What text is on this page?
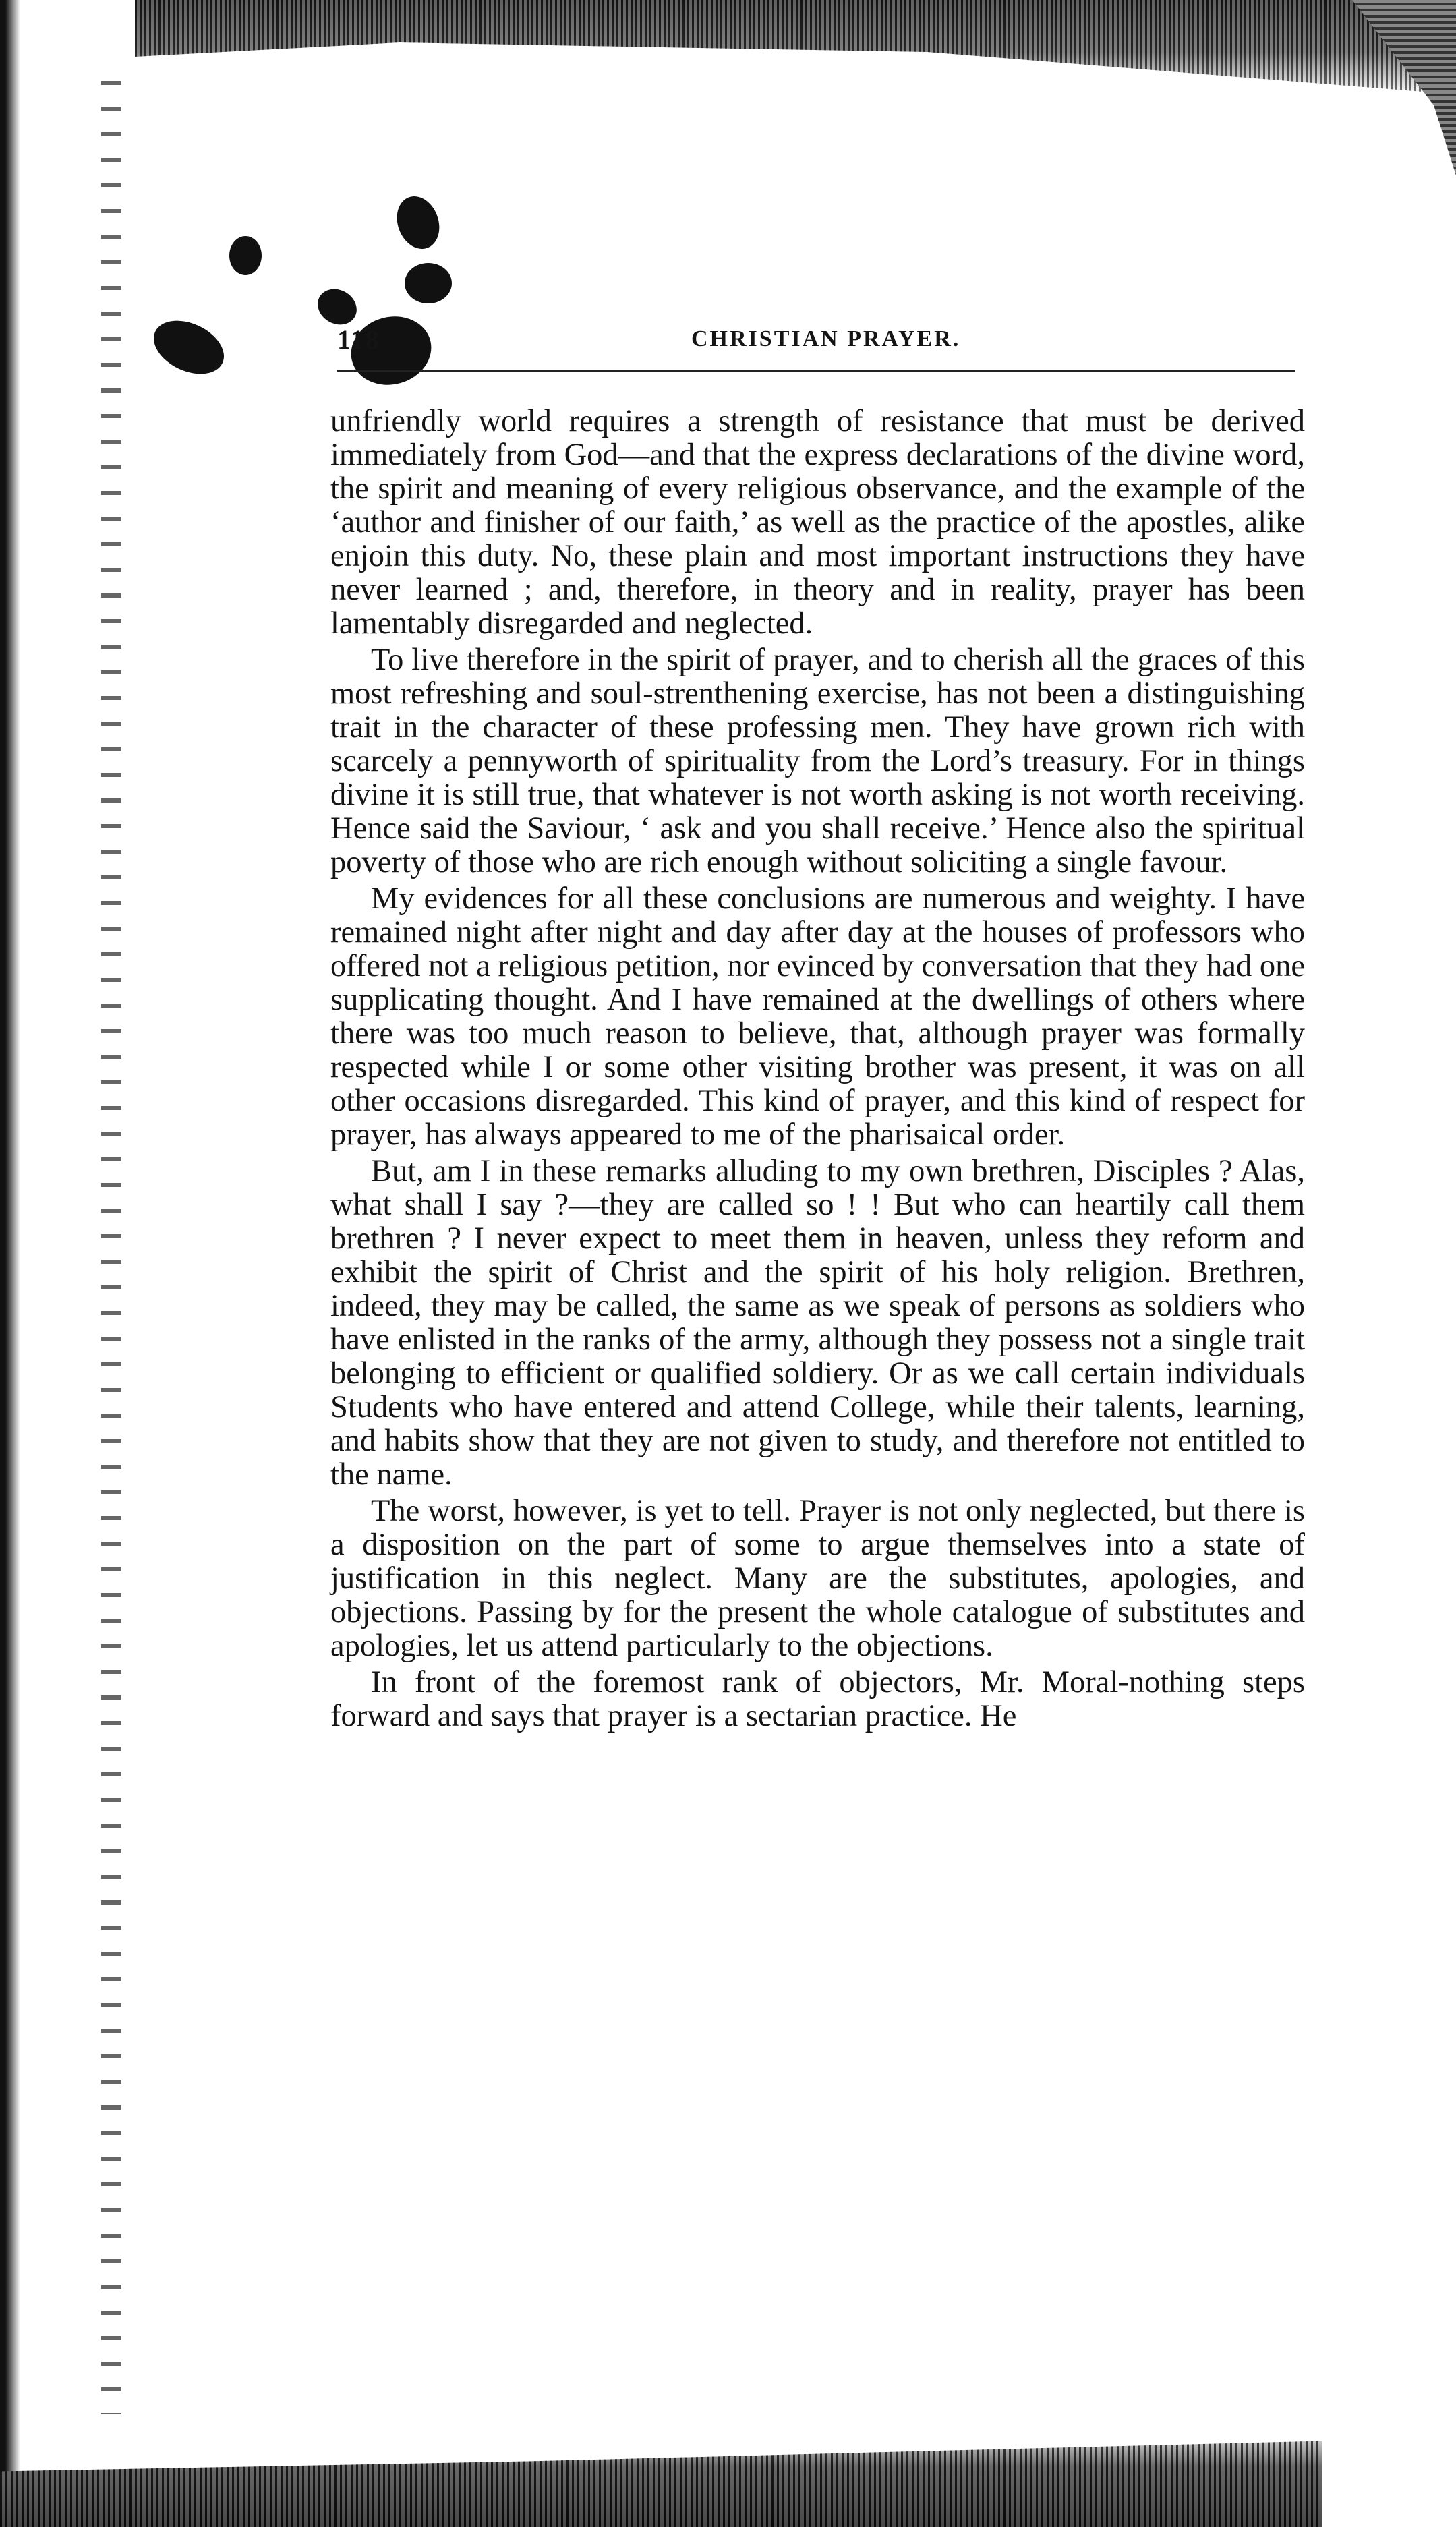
118	CHRISTIAN PRAYER.

unfriendly world requires a strength of resistance that must be derived immediately from God—and that the express declarations of the divine word, the spirit and meaning of every religious observance, and the example of the ‘author and finisher of our faith,’ as well as the practice of the apostles, alike enjoin this duty. No, these plain and most important instructions they have never learned ; and, therefore, in theory and in reality, prayer has been lamentably disregarded and neglected.

To live therefore in the spirit of prayer, and to cherish all the graces of this most refreshing and soul-strenthening exercise, has not been a distinguishing trait in the character of these professing men. They have grown rich with scarcely a pennyworth of spirituality from the Lord’s treasury. For in things divine it is still true, that whatever is not worth asking is not worth receiving. Hence said the Saviour, ‘ ask and you shall receive.’ Hence also the spiritual poverty of those who are rich enough without soliciting a single favour.

My evidences for all these conclusions are numerous and weighty. I have remained night after night and day after day at the houses of professors who offered not a religious petition, nor evinced by conversation that they had one supplicating thought. And I have remained at the dwellings of others where there was too much reason to believe, that, although prayer was formally respected while I or some other visiting brother was present, it was on all other occasions disregarded. This kind of prayer, and this kind of respect for prayer, has always appeared to me of the pharisaical order.

But, am I in these remarks alluding to my own brethren, Disciples ? Alas, what shall I say ?—they are called so ! ! But who can heartily call them brethren ? I never expect to meet them in heaven, unless they reform and exhibit the spirit of Christ and the spirit of his holy religion. Brethren, indeed, they may be called, the same as we speak of persons as soldiers who have enlisted in the ranks of the army, although they possess not a single trait belonging to efficient or qualified soldiery. Or as we call certain individuals Students who have entered and attend College, while their talents, learning, and habits show that they are not given to study, and therefore not entitled to the name.

The worst, however, is yet to tell. Prayer is not only neglected, but there is a disposition on the part of some to argue themselves into a state of justification in this neglect. Many are the substitutes, apologies, and objections. Passing by for the present the whole catalogue of substitutes and apologies, let us attend particularly to the objections.

In front of the foremost rank of objectors, Mr. Moral-nothing steps forward and says that prayer is a sectarian practice. He
